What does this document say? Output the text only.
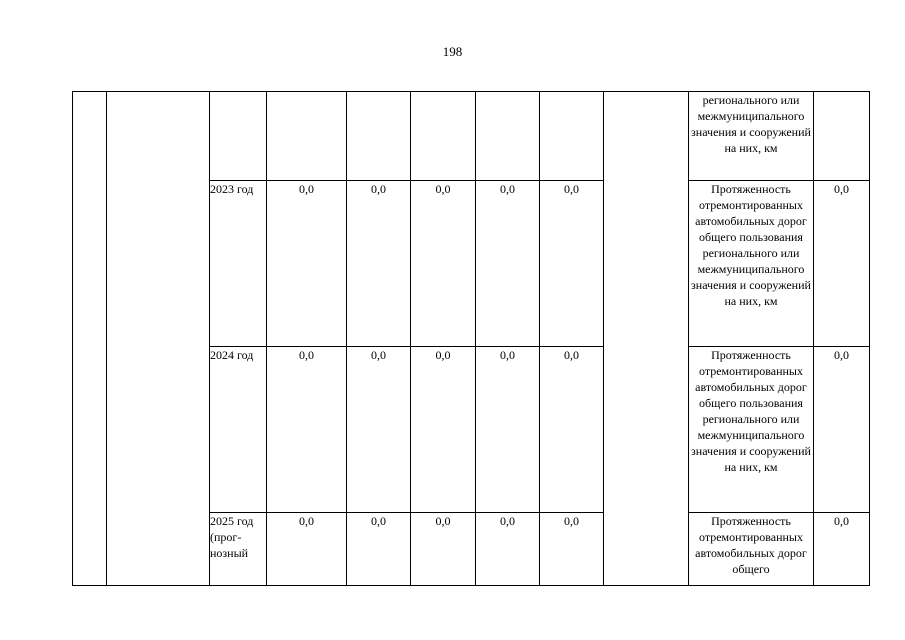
198
									регионального или межмуниципального значения и сооружений на них, км	

		2023 год	0,0	0,0	0,0	0,0	0,0		Протяженность отремонтированных автомобильных дорог общего пользования регионального или межмуниципального значения и сооружений на них, км	0,0

		2024 год	0,0	0,0	0,0	0,0	0,0		Протяженность отремонтированных автомобильных дорог общего пользования регионального или межмуниципального значения и сооружений на них, км	0,0

		2025 год
(прог-
нозный	0,0	0,0	0,0	0,0	0,0		Протяженность отремонтированных автомобильных дорог общего	0,0
